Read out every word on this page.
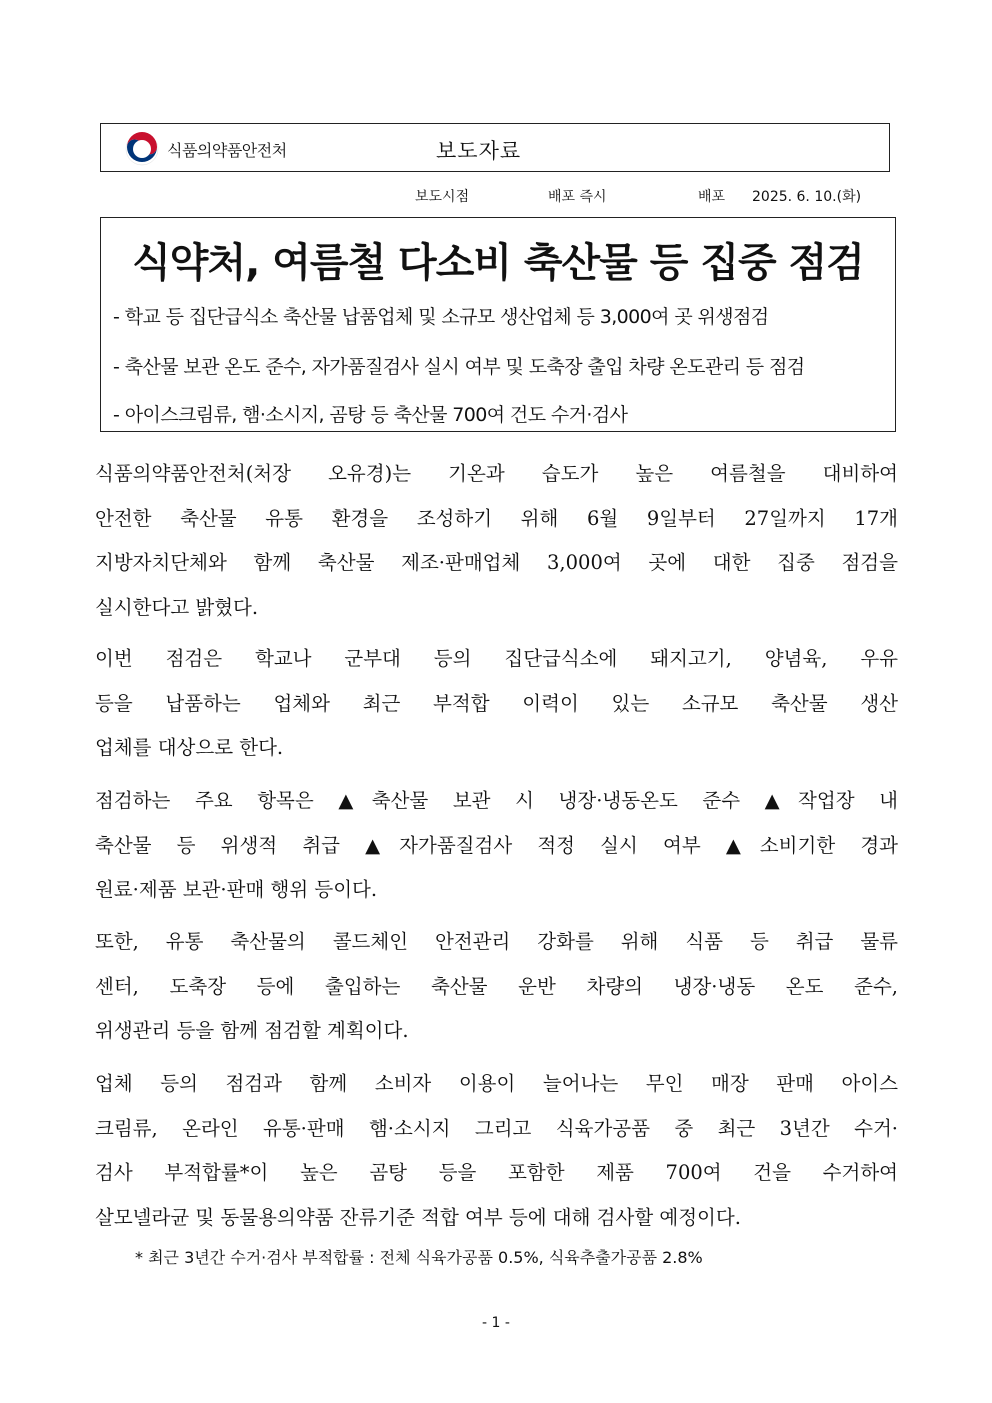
식품의약품안전처	보도자료
보도시점	배포 즉시	배포 2025. 6. 10.(화)
식약처, 여름철 다소비 축산물 등 집중 점검
- 학교 등 집단급식소 축산물 납품업체 및 소규모 생산업체 등 3,000여 곳 위생점검
- 축산물 보관 온도 준수, 자가품질검사 실시 여부 및 도축장 출입 차량 온도관리 등 점검
- 아이스크림류, 햄·소시지, 곰탕 등 축산물 700여 건도 수거·검사
식품의약품안전처(처장 오유경)는 기온과 습도가 높은 여름철을 대비하여
안전한 축산물 유통 환경을 조성하기 위해 6월 9일부터 27일까지 17개
지방자치단체와 함께 축산물 제조·판매업체 3,000여 곳에 대한 집중 점검을
실시한다고 밝혔다.
이번 점검은 학교나 군부대 등의 집단급식소에 돼지고기, 양념육, 우유
등을 납품하는 업체와 최근 부적합 이력이 있는 소규모 축산물 생산
업체를 대상으로 한다.
점검하는 주요 항목은 ▲축산물 보관 시 냉장·냉동온도 준수 ▲작업장 내
축산물 등 위생적 취급 ▲자가품질검사 적정 실시 여부 ▲소비기한 경과
원료·제품 보관·판매 행위 등이다.
또한, 유통 축산물의 콜드체인 안전관리 강화를 위해 식품 등 취급 물류
센터, 도축장 등에 출입하는 축산물 운반 차량의 냉장·냉동 온도 준수,
위생관리 등을 함께 점검할 계획이다.
업체 등의 점검과 함께 소비자 이용이 늘어나는 무인 매장 판매 아이스
크림류, 온라인 유통·판매 햄·소시지 그리고 식육가공품 중 최근 3년간 수거·
검사 부적합률*이 높은 곰탕 등을 포함한 제품 700여 건을 수거하여
살모넬라균 및 동물용의약품 잔류기준 적합 여부 등에 대해 검사할 예정이다.
* 최근 3년간 수거·검사 부적합률 : 전체 식육가공품 0.5%, 식육추출가공품 2.8%
- 1 -
